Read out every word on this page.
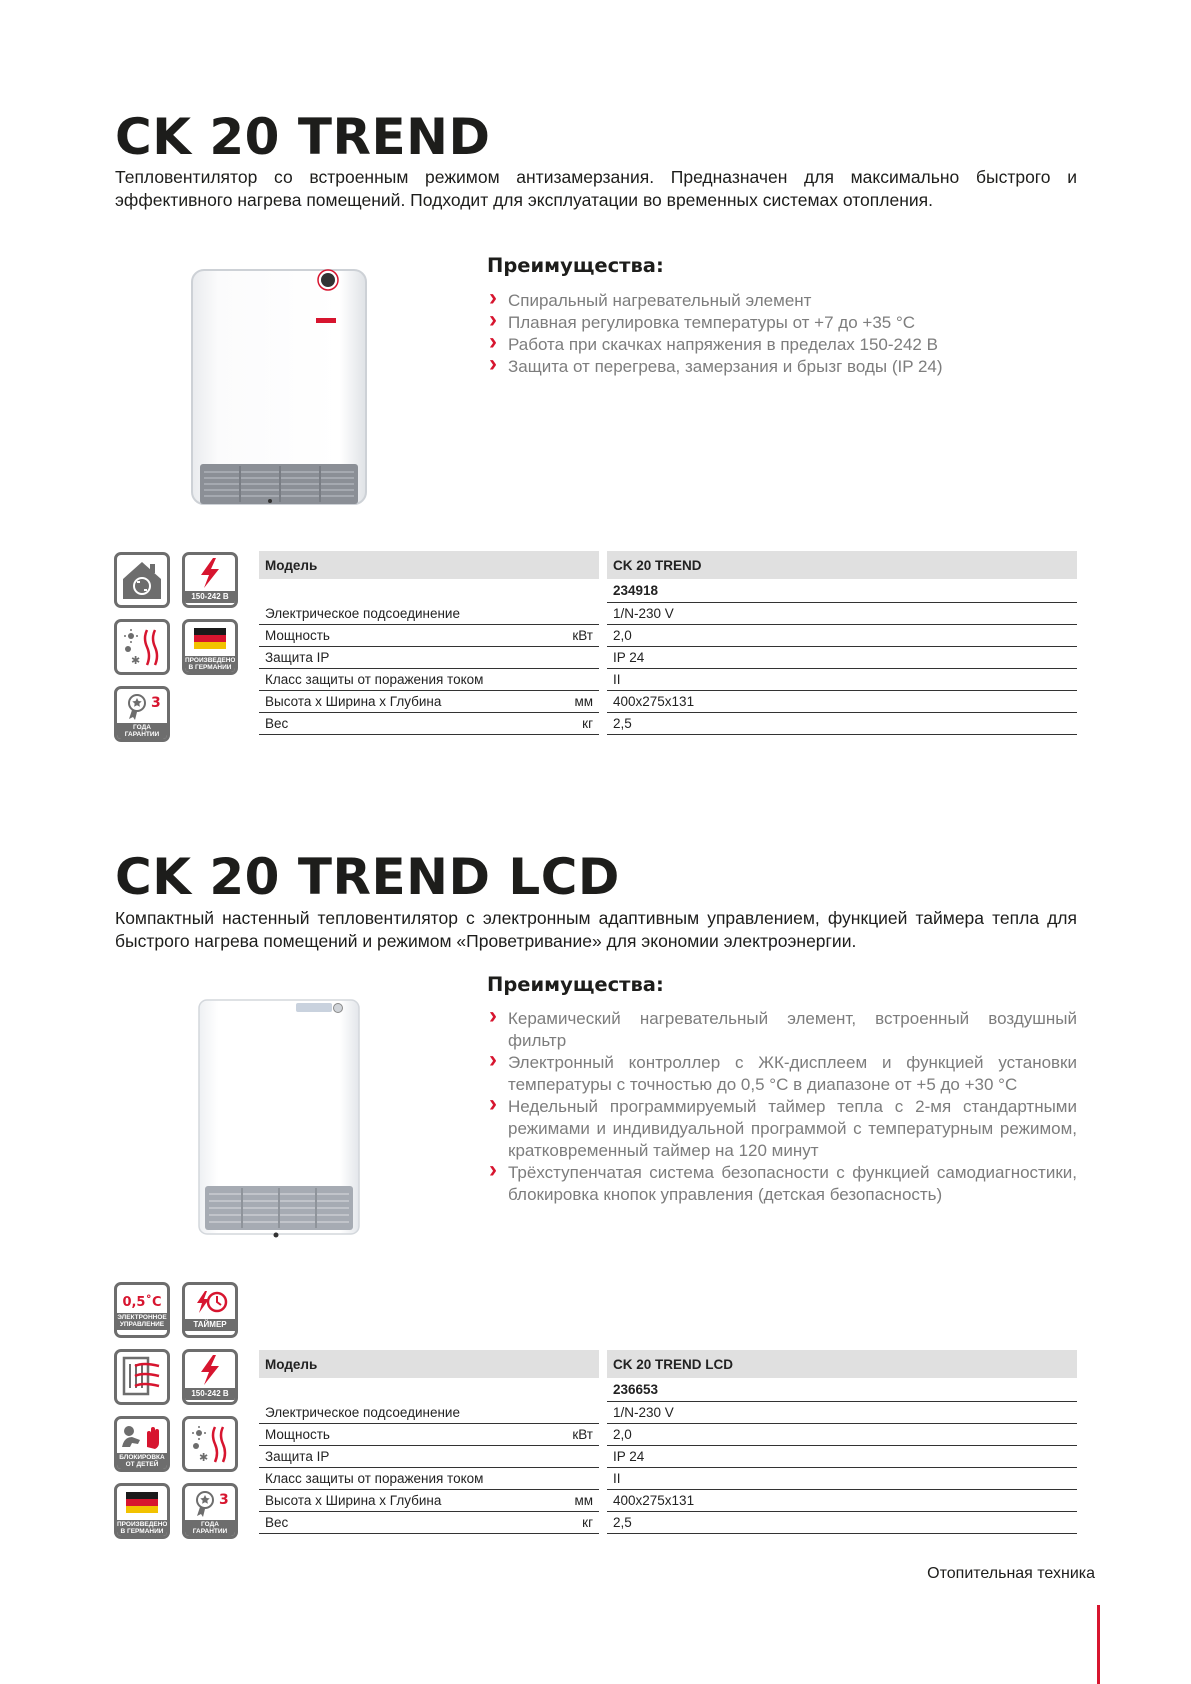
CK 20 TREND

Тепловентилятор со встроенным режимом антизамерзания. Предназначен для максимально быстрого и эффективного нагрева помещений. Подходит для эксплуатации во временных системах отопления.

Преимущества:
› Спиральный нагревательный элемент
› Плавная регулировка температуры от +7 до +35 °С
› Работа при скачках напряжения в пределах 150-242 В
› Защита от перегрева, замерзания и брызг воды (IP 24)
150-242 В
✱	ПРОИЗВЕДЕНО В ГЕРМАНИИ
3
ГОДА ГАРАНТИИ
Модель			CK 20 TREND
			234918
Электрическое подсоединение			1/N-230 V
Мощность	кВт		2,0
Защита IP			IP 24
Класс защиты от поражения током			II
Высота х Ширина х Глубина	мм		400x275x131
Вес	кг		2,5
CK 20 TREND LCD

Компактный настенный тепловентилятор с электронным адаптивным управлением, функцией таймера тепла для быстрого нагрева помещений и режимом «Проветривание» для экономии электроэнергии.

Преимущества:
› Керамический нагревательный элемент, встроенный воздушный фильтр
› Электронный контроллер с ЖК-дисплеем и функцией установки температуры с точностью до 0,5 °С в диапазоне от +5 до +30 °С
› Недельный программируемый таймер тепла с 2-мя стандартными режимами и индивидуальной программой с температурным режимом, кратковременный таймер на 120 минут
› Трёхступенчатая система безопасности с функцией самодиагностики, блокировка кнопок управления (детская безопасность)
0,5˚С
ЭЛЕКТРОННОЕ УПРАВЛЕНИЕ	ТАЙМЕР
150-242 В
БЛОКИРОВКА ОТ ДЕТЕЙ
✱
ПРОИЗВЕДЕНО В ГЕРМАНИИ
3
ГОДА ГАРАНТИИ
Модель			CK 20 TREND LCD
			236653
Электрическое подсоединение			1/N-230 V
Мощность	кВт		2,0
Защита IP			IP 24
Класс защиты от поражения током			II
Высота х Ширина х Глубина	мм		400x275x131
Вес	кг		2,5
Отопительная техника
